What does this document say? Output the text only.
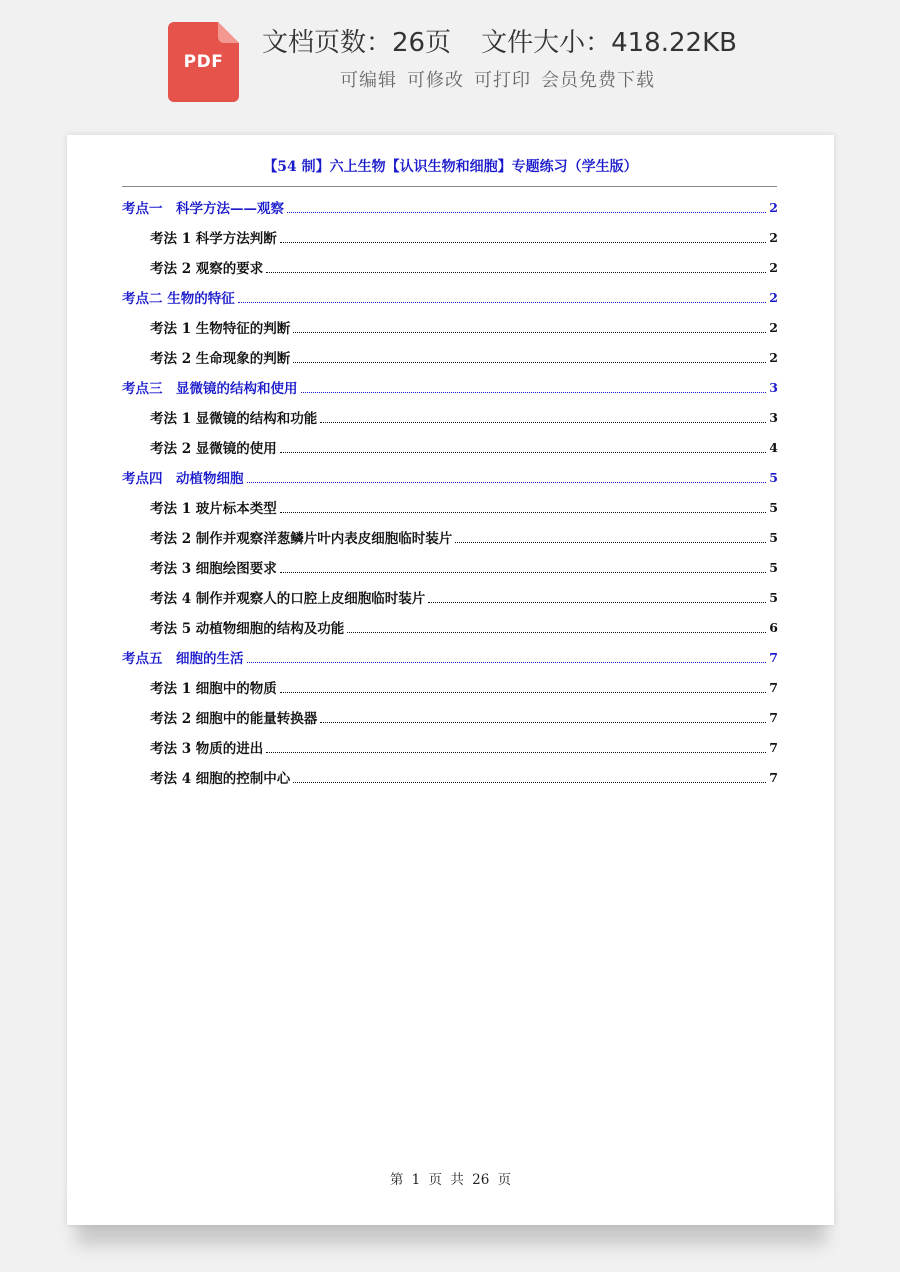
PDF
文档页数：26页 文件大小：418.22KB
可编辑 可修改 可打印 会员免费下载
【54 制】六上生物【认识生物和细胞】专题练习（学生版）
考点一　科学方法——观察	2
考法 1 科学方法判断	2
考法 2 观察的要求	2
考点二 生物的特征	2
考法 1 生物特征的判断	2
考法 2 生命现象的判断	2
考点三　显微镜的结构和使用	3
考法 1 显微镜的结构和功能	3
考法 2 显微镜的使用	4
考点四　动植物细胞	5
考法 1 玻片标本类型	5
考法 2 制作并观察洋葱鳞片叶内表皮细胞临时装片	5
考法 3 细胞绘图要求	5
考法 4 制作并观察人的口腔上皮细胞临时装片	5
考法 5 动植物细胞的结构及功能	6
考点五　细胞的生活	7
考法 1 细胞中的物质	7
考法 2 细胞中的能量转换器	7
考法 3 物质的进出	7
考法 4 细胞的控制中心	7
第 1 页 共 26 页
